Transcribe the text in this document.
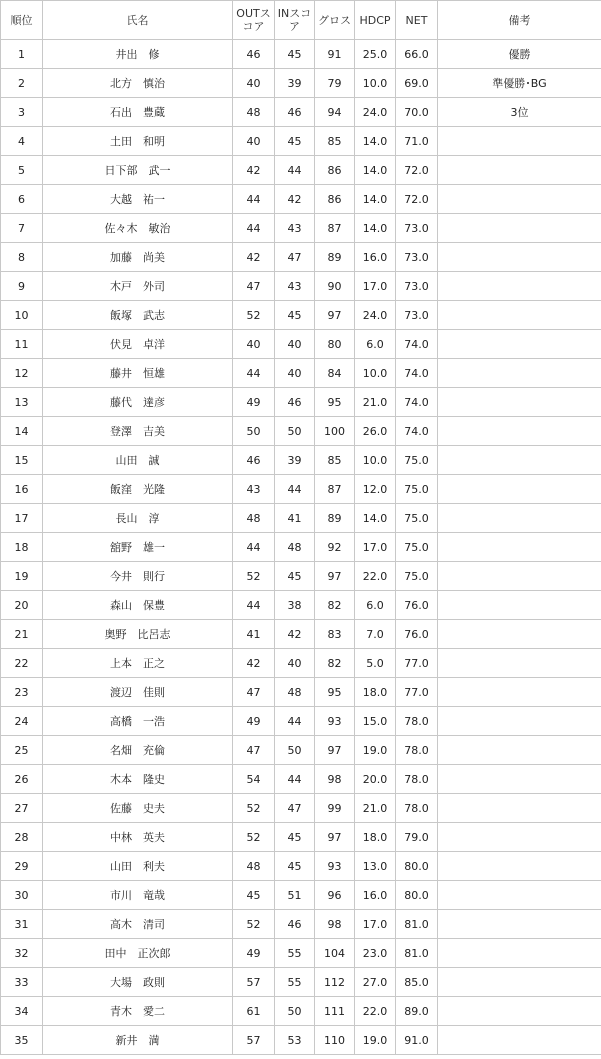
順位	氏名	OUTスコア	INスコア	グロス	HDCP	NET	備考
1	井出　修	46	45	91	25.0	66.0	優勝
2	北方　慎治	40	39	79	10.0	69.0	準優勝･BG
3	石出　豊蔵	48	46	94	24.0	70.0	3位
4	土田　和明	40	45	85	14.0	71.0	
5	日下部　武一	42	44	86	14.0	72.0	
6	大越　祐一	44	42	86	14.0	72.0	
7	佐々木　敏治	44	43	87	14.0	73.0	
8	加藤　尚美	42	47	89	16.0	73.0	
9	木戸　外司	47	43	90	17.0	73.0	
10	飯塚　武志	52	45	97	24.0	73.0	
11	伏見　卓洋	40	40	80	6.0	74.0	
12	藤井　恒雄	44	40	84	10.0	74.0	
13	藤代　達彦	49	46	95	21.0	74.0	
14	登澤　吉美	50	50	100	26.0	74.0	
15	山田　誠	46	39	85	10.0	75.0	
16	飯窪　光隆	43	44	87	12.0	75.0	
17	長山　淳	48	41	89	14.0	75.0	
18	舘野　雄一	44	48	92	17.0	75.0	
19	今井　則行	52	45	97	22.0	75.0	
20	森山　保豊	44	38	82	6.0	76.0	
21	奥野　比呂志	41	42	83	7.0	76.0	
22	上本　正之	42	40	82	5.0	77.0	
23	渡辺　佳則	47	48	95	18.0	77.0	
24	高橋　一浩	49	44	93	15.0	78.0	
25	名畑　充倫	47	50	97	19.0	78.0	
26	木本　隆史	54	44	98	20.0	78.0	
27	佐藤　史夫	52	47	99	21.0	78.0	
28	中林　英夫	52	45	97	18.0	79.0	
29	山田　利夫	48	45	93	13.0	80.0	
30	市川　竜哉	45	51	96	16.0	80.0	
31	高木　清司	52	46	98	17.0	81.0	
32	田中　正次郎	49	55	104	23.0	81.0	
33	大場　政則	57	55	112	27.0	85.0	
34	青木　愛二	61	50	111	22.0	89.0	
35	新井　満	57	53	110	19.0	91.0	
